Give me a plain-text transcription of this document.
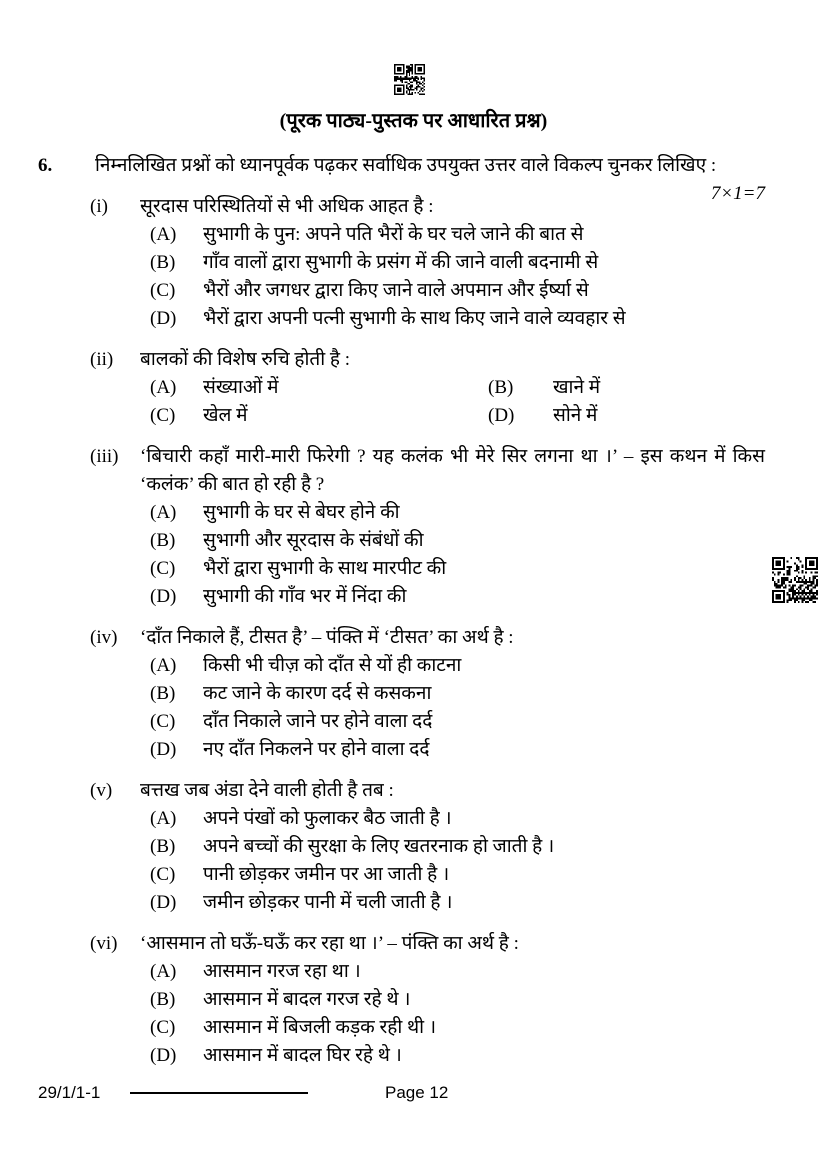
(पूरक पाठ्य-पुस्तक पर आधारित प्रश्न)
6.	निम्नलिखित प्रश्नों को ध्यानपूर्वक पढ़कर सर्वाधिक उपयुक्त उत्तर वाले विकल्प चुनकर लिखिए :
7×1=7
(i)	सूरदास परिस्थितियों से भी अधिक आहत है :
(A)	सुभागी के पुन: अपने पति भैरों के घर चले जाने की बात से
(B)	गाँव वालों द्वारा सुभागी के प्रसंग में की जाने वाली बदनामी से
(C)	भैरों और जगधर द्वारा किए जाने वाले अपमान और ईर्ष्या से
(D)	भैरों द्वारा अपनी पत्नी सुभागी के साथ किए जाने वाले व्यवहार से
(ii)	बालकों की विशेष रुचि होती है :
(A)	संख्याओं में	(B)	खाने में
(C)	खेल में	(D)	सोने में
(iii)	‘बिचारी कहाँ मारी-मारी फिरेगी ? यह कलंक भी मेरे सिर लगना था ।’ – इस कथन में किस ‘कलंक’ की बात हो रही है ?
(A)	सुभागी के घर से बेघर होने की
(B)	सुभागी और सूरदास के संबंधों की
(C)	भैरों द्वारा सुभागी के साथ मारपीट की
(D)	सुभागी की गाँव भर में निंदा की
(iv)	‘दाँत निकाले हैं, टीसत है’ – पंक्ति में ‘टीसत’ का अर्थ है :
(A)	किसी भी चीज़ को दाँत से यों ही काटना
(B)	कट जाने के कारण दर्द से कसकना
(C)	दाँत निकाले जाने पर होने वाला दर्द
(D)	नए दाँत निकलने पर होने वाला दर्द
(v)	बत्तख जब अंडा देने वाली होती है तब :
(A)	अपने पंखों को फुलाकर बैठ जाती है ।
(B)	अपने बच्चों की सुरक्षा के लिए खतरनाक हो जाती है ।
(C)	पानी छोड़कर जमीन पर आ जाती है ।
(D)	जमीन छोड़कर पानी में चली जाती है ।
(vi)	‘आसमान तो घऊँ-घऊँ कर रहा था ।’ – पंक्ति का अर्थ है :
(A)	आसमान गरज रहा था ।
(B)	आसमान में बादल गरज रहे थे ।
(C)	आसमान में बिजली कड़क रही थी ।
(D)	आसमान में बादल घिर रहे थे ।
29/1/1-1	Page 12
